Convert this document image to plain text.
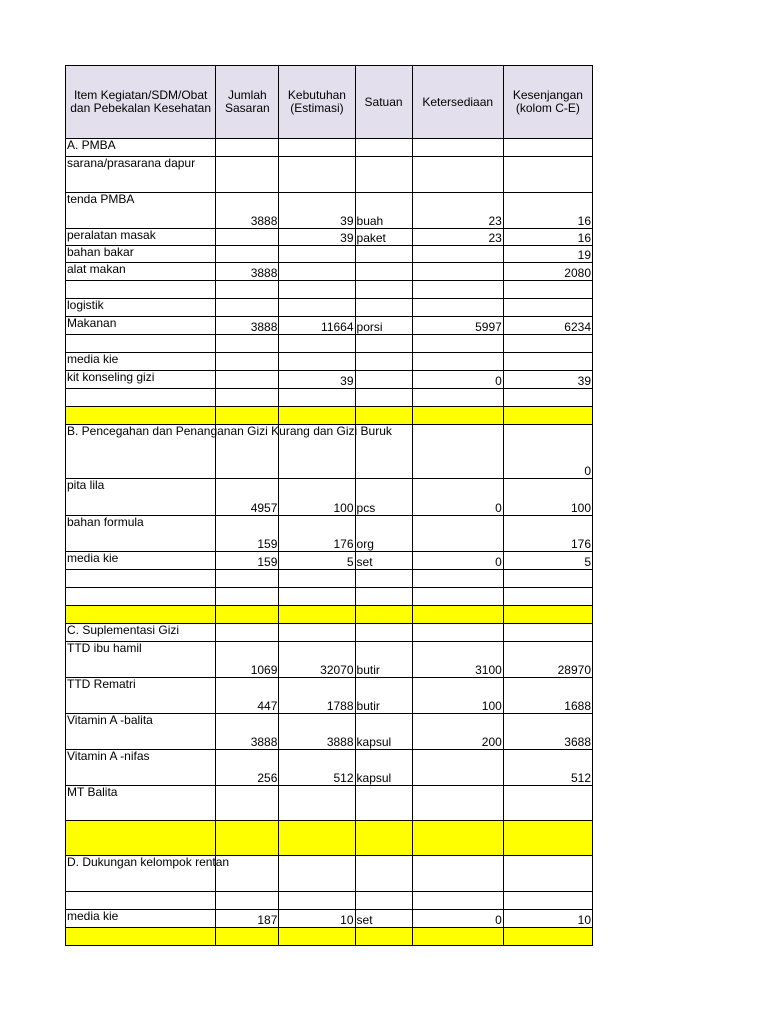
Item Kegiatan/SDM/Obat dan Pebekalan Kesehatan	Jumlah Sasaran	Kebutuhan (Estimasi)	Satuan	Ketersediaan	Kesenjangan (kolom C-E)
A. PMBA					
sarana/prasarana dapur					
tenda PMBA	3888	39	buah	23	16
peralatan masak		39	paket	23	16
bahan bakar					19
alat makan	3888				2080

logistik					
Makanan	3888	11664	porsi	5997	6234

media kie					
kit konseling gizi		39		0	39

B. Pencegahan dan Penanganan Gizi Kurang dan Gizi Buruk					0
pita lila	4957	100	pcs	0	100
bahan formula	159	176	org		176
media kie	159	5	set	0	5

C. Suplementasi Gizi					
TTD ibu hamil	1069	32070	butir	3100	28970
TTD Rematri	447	1788	butir	100	1688
Vitamin A -balita	3888	3888	kapsul	200	3688
Vitamin A -nifas	256	512	kapsul		512
MT Balita					

D. Dukungan kelompok rentan					

media kie	187	10	set	0	10
